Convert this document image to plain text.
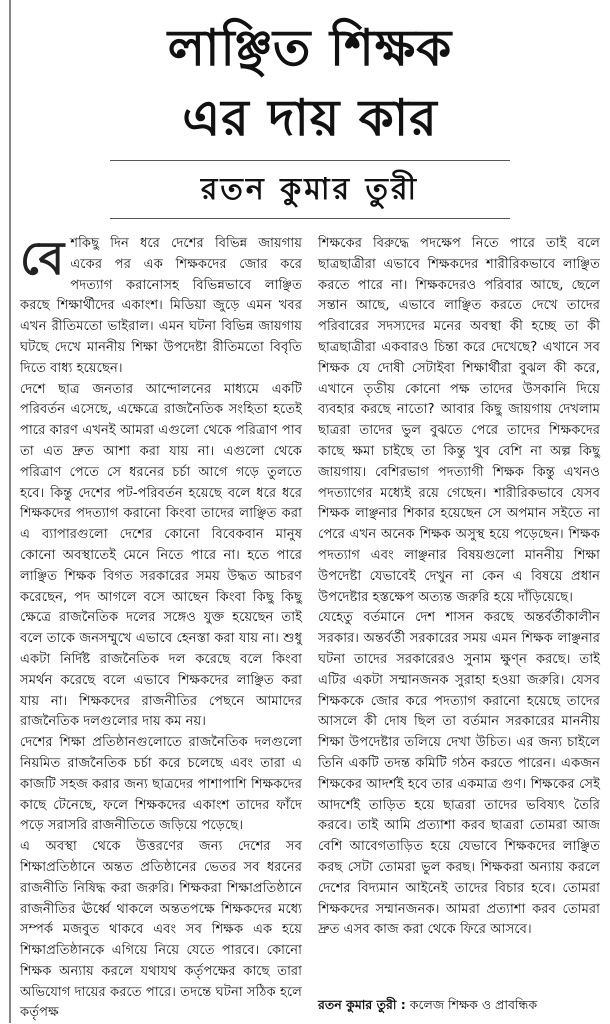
লাঞ্ছিত শিক্ষক
এর দায় কার
রতন কুমার তুরী

বেশকিছু দিন ধরে দেশের বিভিন্ন জায়গায় একের পর এক শিক্ষকদের জোর করে পদত্যাগ করানোসহ বিভিন্নভাবে লাঞ্ছিত করছে শিক্ষার্থীদের একাংশ। মিডিয়া জুড়ে এমন খবর এখন রীতিমতো ভাইরাল। এমন ঘটনা বিভিন্ন জায়গায় ঘটছে দেখে মাননীয় শিক্ষা উপদেষ্টা রীতিমতো বিবৃতি দিতে বাধ্য হয়েছেন।

দেশে ছাত্র জনতার আন্দোলনের মাধ্যমে একটি পরিবর্তন এসেছে, এক্ষেত্রে রাজনৈতিক সংহিতা হতেই পারে কারণ এখনই আমরা এগুলো থেকে পরিত্রাণ পাব তা এত দ্রুত আশা করা যায় না। এগুলো থেকে পরিত্রাণ পেতে সে ধরনের চর্চা আগে গড়ে তুলতে হবে। কিন্তু দেশের পট-পরিবর্তন হয়েছে বলে ধরে ধরে শিক্ষকদের পদত্যাগ করানো কিংবা তাদের লাঞ্ছিত করা এ ব্যাপারগুলো দেশের কোনো বিবেকবান মানুষ কোনো অবস্থাতেই মেনে নিতে পারে না। হতে পারে লাঞ্ছিত শিক্ষক বিগত সরকারের সময় উদ্ধত আচরণ করেছেন, পদ আগলে বসে আছেন কিংবা কিছু কিছু ক্ষেত্রে রাজনৈতিক দলের সঙ্গেও যুক্ত হয়েছেন তাই বলে তাকে জনসম্মুখে এভাবে হেনস্তা করা যায় না। শুধু একটা নির্দিষ্ট রাজনৈতিক দল করেছে বলে কিংবা সমর্থন করেছে বলে এভাবে শিক্ষকদের লাঞ্ছিত করা যায় না। শিক্ষকদের রাজনীতির পেছনে আমাদের রাজনৈতিক দলগুলোর দায় কম নয়।

দেশের শিক্ষা প্রতিষ্ঠানগুলোতে রাজনৈতিক দলগুলো নিয়মিত রাজনৈতিক চর্চা করে চলেছে এবং তারা এ কাজটি সহজ করার জন্য ছাত্রদের পাশাপাশি শিক্ষকদের কাছে টেনেছে, ফলে শিক্ষকদের একাংশ তাদের ফাঁদে পড়ে সরাসরি রাজনীতিতে জড়িয়ে পড়েছে।

এ অবস্থা থেকে উত্তরণের জন্য দেশের সব শিক্ষাপ্রতিষ্ঠানে অন্তত প্রতিষ্ঠানের ভেতর সব ধরনের রাজনীতি নিষিদ্ধ করা জরুরি। শিক্ষকরা শিক্ষাপ্রতিষ্ঠানে রাজনীতির ঊর্ধ্বে থাকলে অন্ততপক্ষে শিক্ষকদের মধ্যে সম্পর্ক মজবুত থাকবে এবং সব শিক্ষক এক হয়ে শিক্ষাপ্রতিষ্ঠানকে এগিয়ে নিয়ে যেতে পারবে। কোনো শিক্ষক অন্যায় করলে যথাযথ কর্তৃপক্ষের কাছে তারা অভিযোগ দায়ের করতে পারে। তদন্তে ঘটনা সঠিক হলে কর্তৃপক্ষ

শিক্ষকের বিরুদ্ধে পদক্ষেপ নিতে পারে তাই বলে ছাত্রছাত্রীরা এভাবে শিক্ষকদের শারীরিকভাবে লাঞ্ছিত করতে পারে না। শিক্ষকদেরও পরিবার আছে, ছেলে সন্তান আছে, এভাবে লাঞ্ছিত করতে দেখে তাদের পরিবারের সদস্যদের মনের অবস্থা কী হচ্ছে তা কী ছাত্রছাত্রীরা একবারও চিন্তা করে দেখেছে? এখানে সব শিক্ষক যে দোষী সেটাইবা শিক্ষার্থীরা বুঝল কী করে, এখানে তৃতীয় কোনো পক্ষ তাদের উসকানি দিয়ে ব্যবহার করছে নাতো? আবার কিছু জায়গায় দেখলাম ছাত্ররা তাদের ভুল বুঝতে পেরে তাদের শিক্ষকদের কাছে ক্ষমা চাইছে তা কিন্তু খুব বেশি না অল্প কিছু জায়গায়। বেশিরভাগ পদত্যাগী শিক্ষক কিন্তু এখনও পদত্যাগের মধ্যেই রয়ে গেছেন। শারীরিকভাবে যেসব শিক্ষক লাঞ্ছনার শিকার হয়েছেন সে অপমান সইতে না পেরে এখন অনেক শিক্ষক অসুস্থ হয়ে পড়েছেন। শিক্ষক পদত্যাগ এবং লাঞ্ছনার বিষয়গুলো মাননীয় শিক্ষা উপদেষ্টা যেভাবেই দেখুন না কেন এ বিষয়ে প্রধান উপদেষ্টার হস্তক্ষেপ অত্যন্ত জরুরি হয়ে দাঁড়িয়েছে।

যেহেতু বর্তমানে দেশ শাসন করছে অন্তর্বর্তীকালীন সরকার। অন্তর্বর্তী সরকারের সময় এমন শিক্ষক লাঞ্ছনার ঘটনা তাদের সরকারেরও সুনাম ক্ষুণ্ন করছে। তাই এটির একটা সম্মানজনক সুরাহা হওয়া জরুরি। যেসব শিক্ষককে জোর করে পদত্যাগ করানো হয়েছে তাদের আসলে কী দোষ ছিল তা বর্তমান সরকারের মাননীয় শিক্ষা উপদেষ্টার তলিয়ে দেখা উচিত। এর জন্য চাইলে তিনি একটি তদন্ত কমিটি গঠন করতে পারেন। একজন শিক্ষকের আদর্শই হবে তার একমাত্র গুণ। শিক্ষকের সেই আদর্শেই তাড়িত হয়ে ছাত্ররা তাদের ভবিষ্যৎ তৈরি করবে। তাই আমি প্রত্যাশা করব ছাত্ররা তোমরা আজ বেশি আবেগতাড়িত হয়ে যেভাবে শিক্ষকদের লাঞ্ছিত করছ সেটা তোমরা ভুল করছ। শিক্ষকরা অন্যায় করলে দেশের বিদ্যমান আইনেই তাদের বিচার হবে। তোমরা শিক্ষকদের সম্মানজনক। আমরা প্রত্যাশা করব তোমরা দ্রুত এসব কাজ করা থেকে ফিরে আসবে।

রতন কুমার তুরী : কলেজ শিক্ষক ও প্রাবন্ধিক
